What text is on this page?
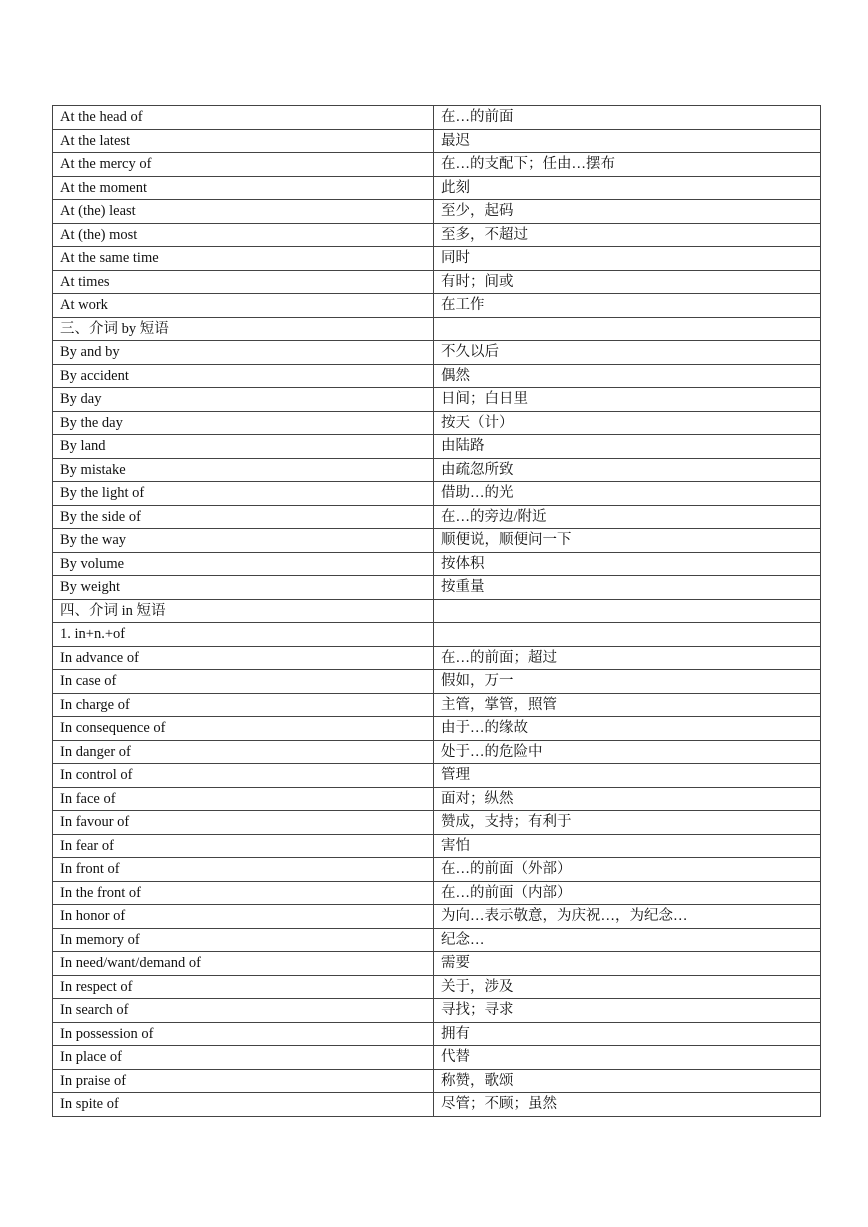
At the head of	在…的前面
At the latest	最迟
At the mercy of	在…的支配下；任由…摆布
At the moment	此刻
At (the) least	至少，起码
At (the) most	至多，不超过
At the same time	同时
At times	有时；间或
At work	在工作
三、介词 by 短语	
By and by	不久以后
By accident	偶然
By day	日间；白日里
By the day	按天（计）
By land	由陆路
By mistake	由疏忽所致
By the light of	借助…的光
By the side of	在…的旁边/附近
By the way	顺便说，顺便问一下
By volume	按体积
By weight	按重量
四、介词 in 短语	
1. in+n.+of	
In advance of	在…的前面；超过
In case of	假如，万一
In charge of	主管，掌管，照管
In consequence of	由于…的缘故
In danger of	处于…的危险中
In control of	管理
In face of	面对；纵然
In favour of	赞成，支持；有利于
In fear of	害怕
In front of	在…的前面（外部）
In the front of	在…的前面（内部）
In honor of	为向…表示敬意，为庆祝…，为纪念…
In memory of	纪念…
In need/want/demand of	需要
In respect of	关于，涉及
In search of	寻找；寻求
In possession of	拥有
In place of	代替
In praise of	称赞，歌颂
In spite of	尽管；不顾；虽然
